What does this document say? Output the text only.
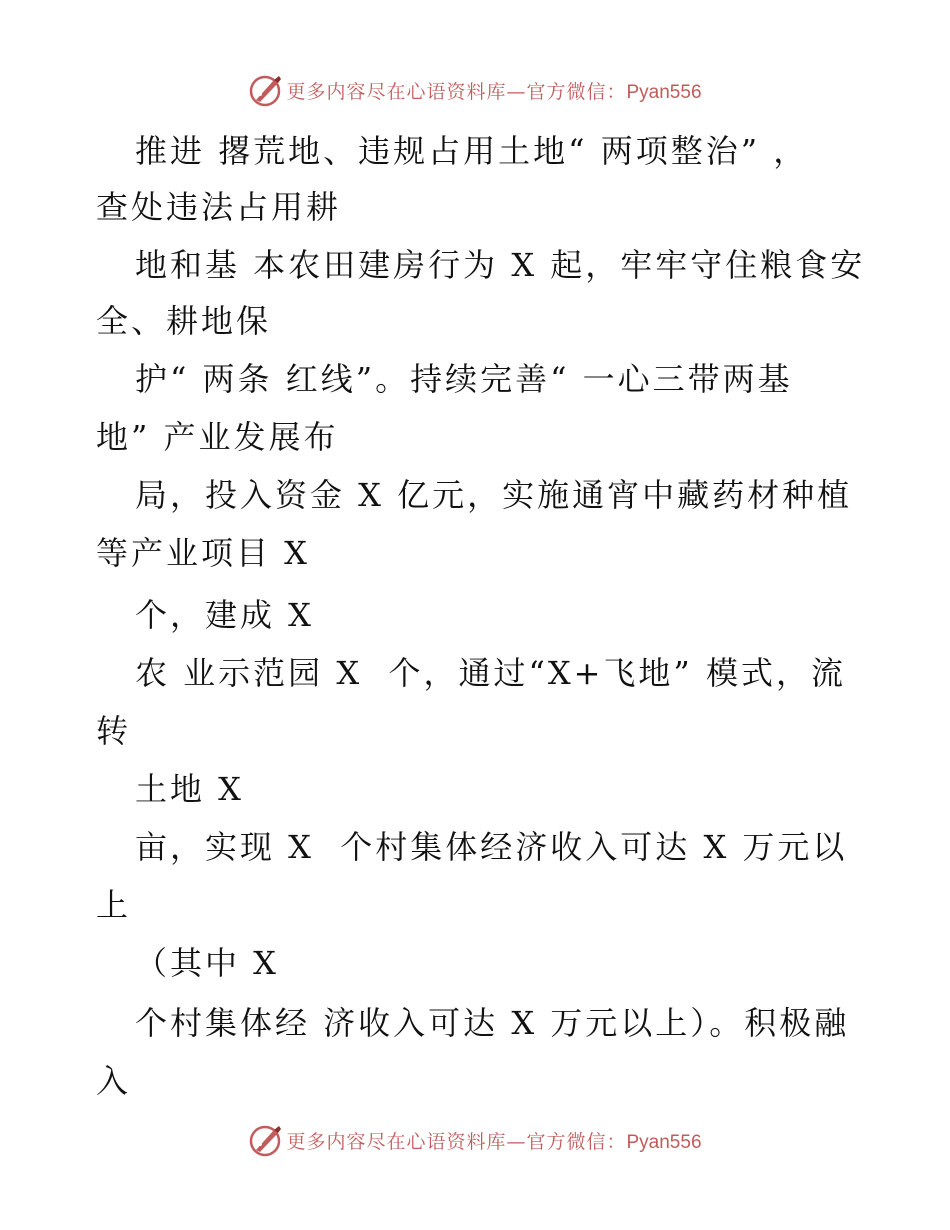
更多内容尽在心语资料库—官方微信：Pyan556
推进 撂荒地、违规占用土地“ 两项整治” ，
查处违法占用耕
地和基 本农田建房行为 X 起，牢牢守住粮食安
全、耕地保
护“ 两条 红线”。持续完善“ 一心三带两基
地” 产业发展布
局，投入资金 X 亿元，实施通宵中藏药材种植
等产业项目 X
个，建成 X
农 业示范园 X  个，通过“X+飞地” 模式，流
转
土地 X
亩，实现 X  个村集体经济收入可达 X 万元以
上
（其中 X
个村集体经 济收入可达 X 万元以上）。积极融
入
更多内容尽在心语资料库—官方微信：Pyan556
